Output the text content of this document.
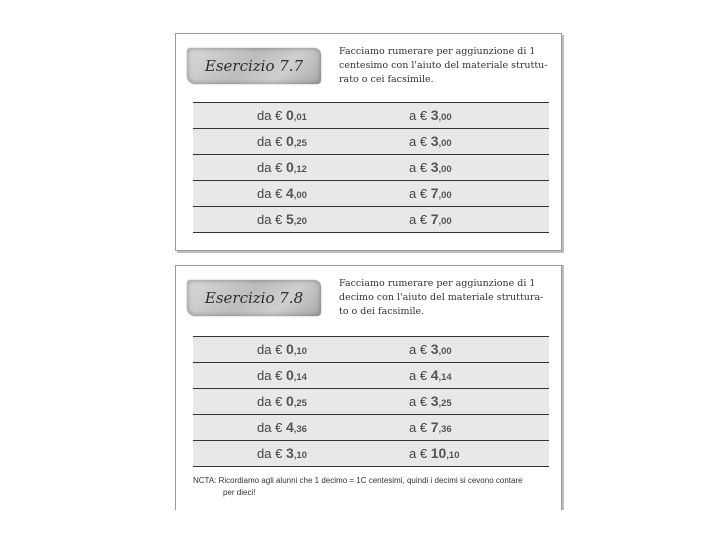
Esercizio 7.7
Facciamo rumerare per aggiunzione di 1
centesimo con l'aiuto del materiale struttu-
rato o cei facsimile.
da € 0,01	a € 3,00
da € 0,25	a € 3,00
da € 0,12	a € 3,00
da € 4,00	a € 7,00
da € 5,20	a € 7,00
Esercizio 7.8
Facciamo rumerare per aggiunzione di 1
decimo con l'aiuto del materiale struttura-
to o dei facsimile.
da € 0,10	a € 3,00
da € 0,14	a € 4,14
da € 0,25	a € 3,25
da € 4,36	a € 7,36
da € 3,10	a € 10,10
NCTA: Ricordiamo agli alunni che 1 decimo = 1C centesimi, quindi i decimi si cevono contare
per dieci!
